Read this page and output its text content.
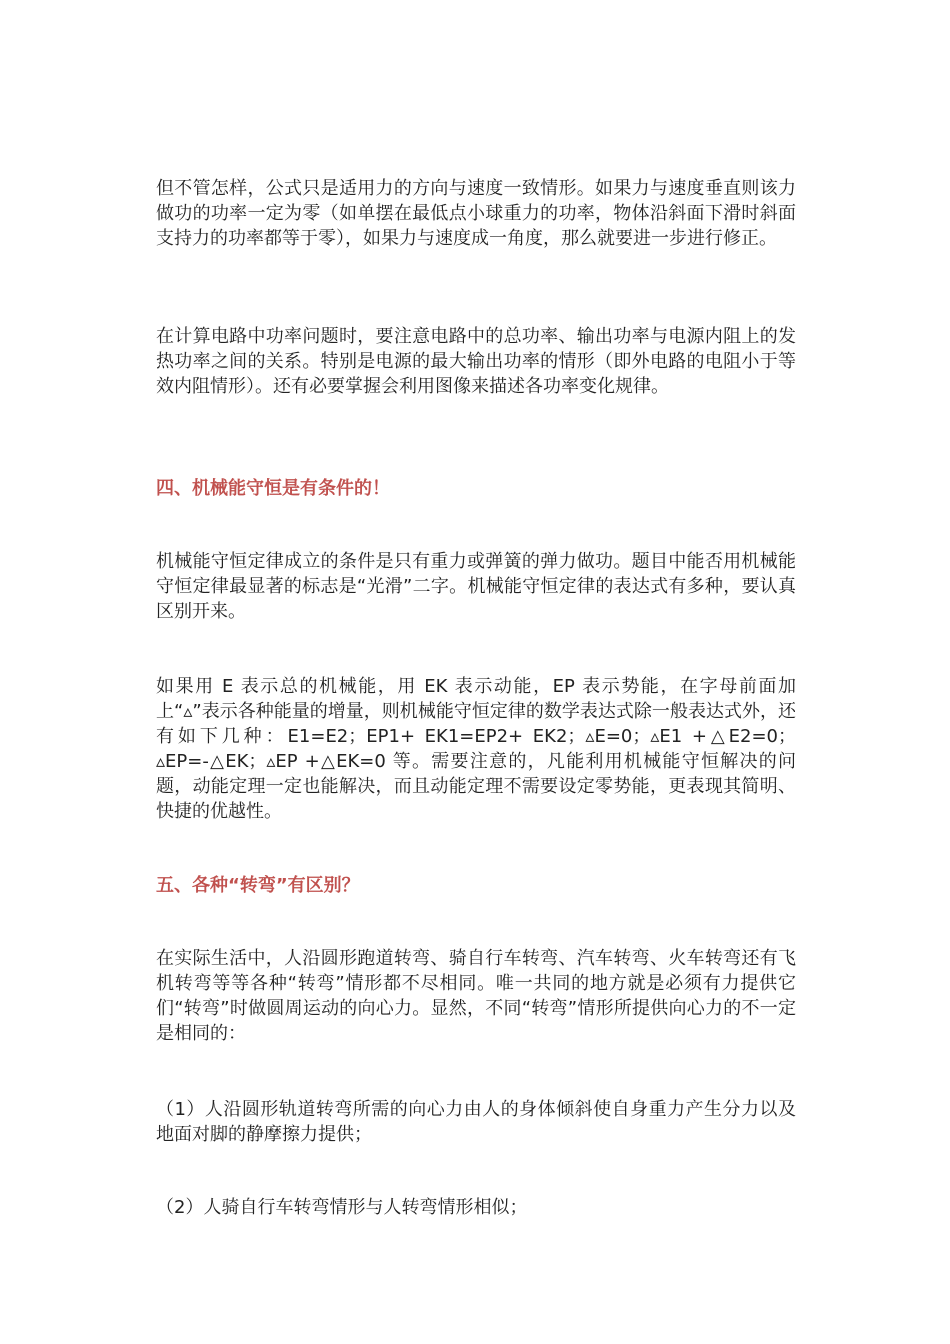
但不管怎样，公式只是适用力的方向与速度一致情形。如果力与速度垂直则该力做功的功率一定为零（如单摆在最低点小球重力的功率，物体沿斜面下滑时斜面支持力的功率都等于零），如果力与速度成一角度，那么就要进一步进行修正。

在计算电路中功率问题时，要注意电路中的总功率、输出功率与电源内阻上的发热功率之间的关系。特别是电源的最大输出功率的情形（即外电路的电阻小于等效内阻情形）。还有必要掌握会利用图像来描述各功率变化规律。

四、机械能守恒是有条件的！

机械能守恒定律成立的条件是只有重力或弹簧的弹力做功。题目中能否用机械能守恒定律最显著的标志是“光滑”二字。机械能守恒定律的表达式有多种，要认真区别开来。

如果用 E 表示总的机械能，用 EK 表示动能，EP 表示势能，在字母前面加上“▵”表示各种能量的增量，则机械能守恒定律的数学表达式除一般表达式外，还有如下几种：E1=E2；EP1+ EK1=EP2+ EK2；▵E=0；▵E1 +△E2=0；▵EP=-△EK；▵EP +△EK=0 等。需要注意的，凡能利用机械能守恒解决的问题，动能定理一定也能解决，而且动能定理不需要设定零势能，更表现其简明、快捷的优越性。

五、各种“转弯”有区别？

在实际生活中，人沿圆形跑道转弯、骑自行车转弯、汽车转弯、火车转弯还有飞机转弯等等各种“转弯”情形都不尽相同。唯一共同的地方就是必须有力提供它们“转弯”时做圆周运动的向心力。显然，不同“转弯”情形所提供向心力的不一定是相同的：

（1）人沿圆形轨道转弯所需的向心力由人的身体倾斜使自身重力产生分力以及地面对脚的静摩擦力提供；

（2）人骑自行车转弯情形与人转弯情形相似；
